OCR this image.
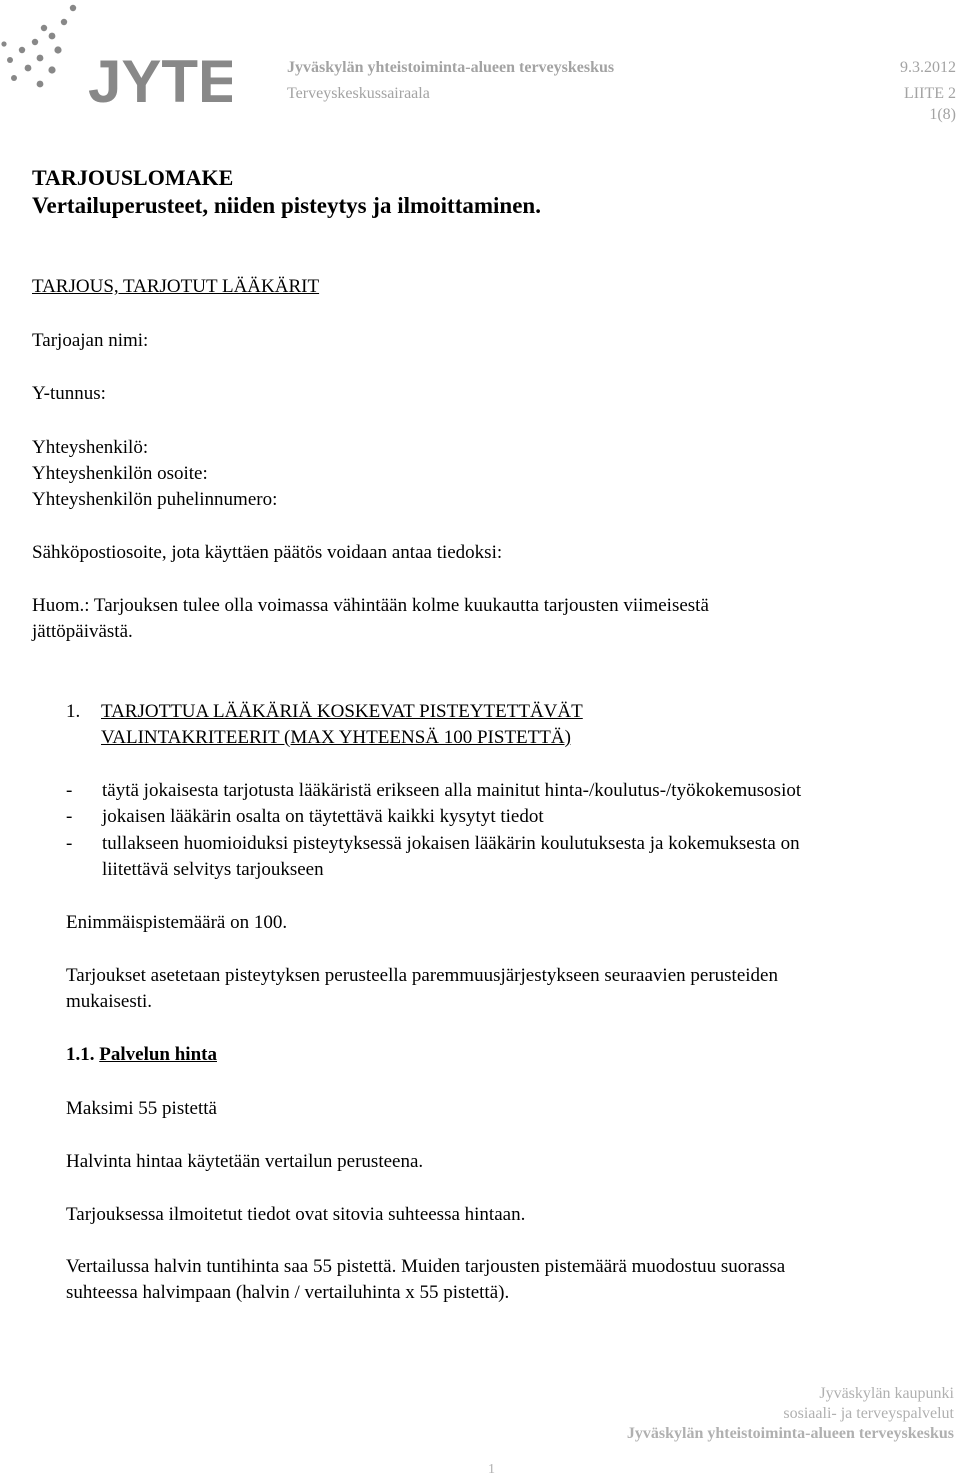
JYTE	Jyväskylän yhteistoiminta-alueen terveyskeskus
Terveyskeskussairaala
9.3.2012
LIITE 2
1(8)
TARJOUSLOMAKE
Vertailuperusteet, niiden pisteytys ja ilmoittaminen.
TARJOUS, TARJOTUT LÄÄKÄRIT
Tarjoajan nimi:
Y-tunnus:
Yhteyshenkilö:
Yhteyshenkilön osoite:
Yhteyshenkilön puhelinnumero:
Sähköpostiosoite, jota käyttäen päätös voidaan antaa tiedoksi:
Huom.: Tarjouksen tulee olla voimassa vähintään kolme kuukautta tarjousten viimeisestä
jättöpäivästä.
1. TARJOTTUA LÄÄKÄRIÄ KOSKEVAT PISTEYTETTÄVÄT
VALINTAKRITEERIT (MAX YHTEENSÄ 100 PISTETTÄ)
- täytä jokaisesta tarjotusta lääkäristä erikseen alla mainitut hinta-/koulutus-/työkokemusosiot
- jokaisen lääkärin osalta on täytettävä kaikki kysytyt tiedot
- tullakseen huomioiduksi pisteytyksessä jokaisen lääkärin koulutuksesta ja kokemuksesta on
liitettävä selvitys tarjoukseen
Enimmäispistemäärä on 100.
Tarjoukset asetetaan pisteytyksen perusteella paremmuusjärjestykseen seuraavien perusteiden
mukaisesti.
1.1. Palvelun hinta
Maksimi 55 pistettä
Halvinta hintaa käytetään vertailun perusteena.
Tarjouksessa ilmoitetut tiedot ovat sitovia suhteessa hintaan.
Vertailussa halvin tuntihinta saa 55 pistettä. Muiden tarjousten pistemäärä muodostuu suorassa
suhteessa halvimpaan (halvin / vertailuhinta x 55 pistettä).
Jyväskylän kaupunki
sosiaali- ja terveyspalvelut
Jyväskylän yhteistoiminta-alueen terveyskeskus
1
